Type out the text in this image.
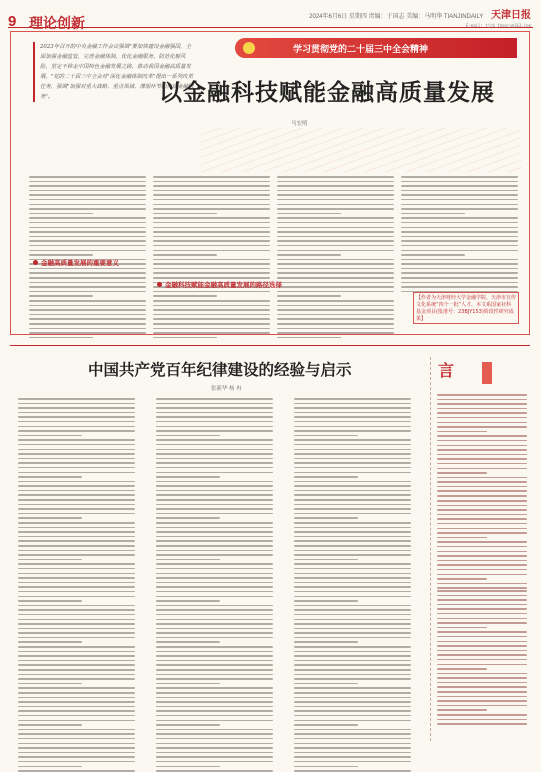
9 理论创新	2024年6月6日 星期四 责编：于国志 美编：马明华 TIANJINDAILY 天津日报
E-mail: tjrb_theory@163.com
2023年召开的中央金融工作会议强调"要加快建设金融强国，全面加强金融监管，完善金融体制，优化金融服务，防范化解风险，坚定不移走中国特色金融发展之路，推动我国金融高质量发展。"党的二十届三中全会对"深化金融体制改革"提出一系列改革任务，强调"加强对重大战略、重点领域、薄弱环节的优质金融服务"。
学习贯彻党的二十届三中全会精神
以金融科技赋能金融高质量发展
马宏明
金融高质量发展的重要意义
金融科技赋能金融高质量发展的路径选择
【作者为天津财经大学金融学院、天津市宣传文化系统“四个一批”人才，本文系国家社科基金项目(批准号：23BJY153)阶段性研究成果】
中国共产党百年纪律建设的经验与启示
张新华 杨 冉
言
